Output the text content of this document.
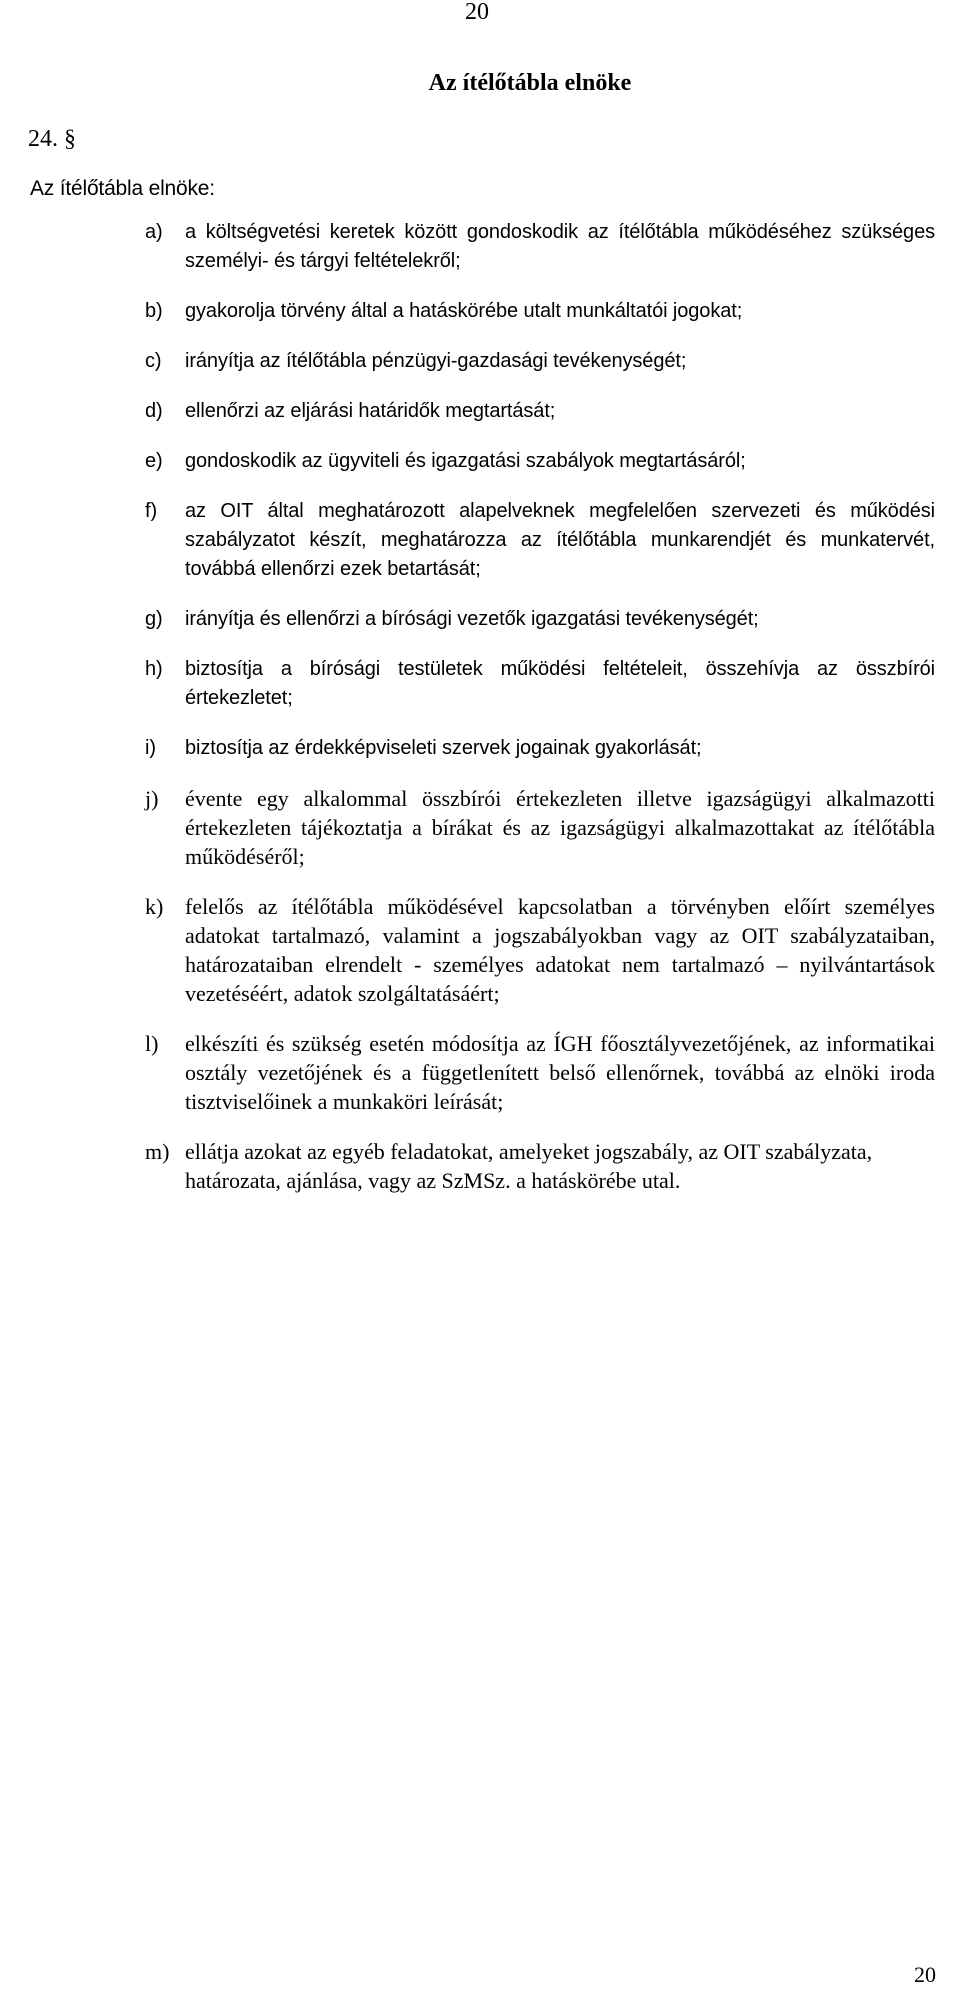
20
Az ítélőtábla elnöke
24. §
Az ítélőtábla elnöke:
a)	a költségvetési keretek között gondoskodik az ítélőtábla működéséhez szükséges személyi- és tárgyi feltételekről;
b)	gyakorolja törvény által a hatáskörébe utalt munkáltatói jogokat;
c)	irányítja az ítélőtábla pénzügyi-gazdasági tevékenységét;
d)	ellenőrzi az eljárási határidők megtartását;
e)	gondoskodik az ügyviteli és igazgatási szabályok megtartásáról;
f)	az OIT által meghatározott alapelveknek megfelelően szervezeti és működési szabályzatot készít, meghatározza az ítélőtábla munkarendjét és munkatervét, továbbá ellenőrzi ezek betartását;
g)	irányítja és ellenőrzi a bírósági vezetők igazgatási tevékenységét;
h)	biztosítja a bírósági testületek működési feltételeit, összehívja az összbírói értekezletet;
i)	biztosítja az érdekképviseleti szervek jogainak gyakorlását;
j)	évente egy alkalommal összbírói értekezleten illetve igazságügyi alkalmazotti értekezleten tájékoztatja a bírákat és az igazságügyi alkalmazottakat az ítélőtábla működéséről;
k) felelős az ítélőtábla működésével kapcsolatban a törvényben előírt személyes adatokat tartalmazó, valamint a jogszabályokban vagy az OIT szabályzataiban, határozataiban elrendelt - személyes adatokat nem tartalmazó – nyilvántartások vezetéséért, adatok szolgáltatásáért;
l)	elkészíti és szükség esetén módosítja az ÍGH főosztályvezetőjének, az informatikai osztály vezetőjének és a függetlenített belső ellenőrnek, továbbá az elnöki iroda tisztviselőinek a munkaköri leírását;
m) ellátja azokat az egyéb feladatokat, amelyeket jogszabály, az OIT szabályzata, határozata, ajánlása, vagy az SzMSz. a hatáskörébe utal.
20
